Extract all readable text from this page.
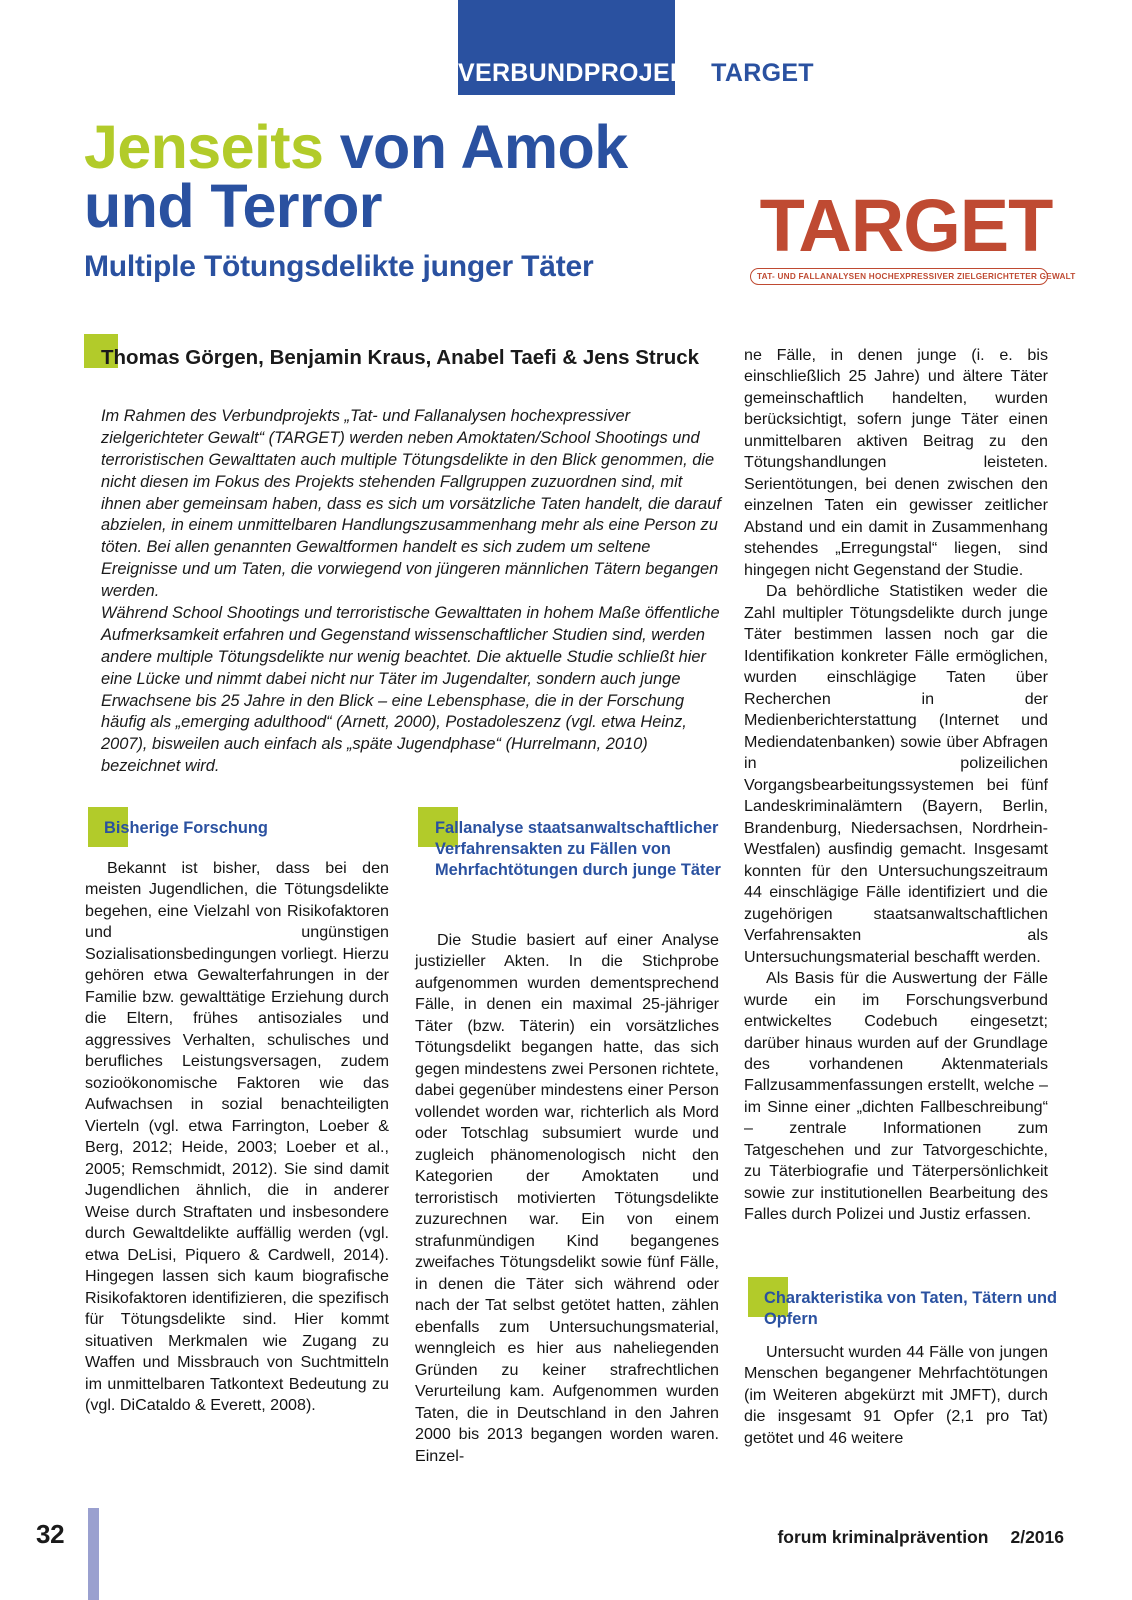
VERBUNDPROJEKT TARGET
Jenseits von Amok
und Terror
Multiple Tötungsdelikte junger Täter	TARGET
TAT- UND FALLANALYSEN HOCHEXPRESSIVER ZIELGERICHTETER GEWALT
Thomas Görgen, Benjamin Kraus, Anabel Taefi & Jens Struck

Im Rahmen des Verbundprojekts „Tat- und Fallanalysen hochexpressiver zielgerichteter Gewalt“ (TARGET) werden neben Amoktaten/School Shootings und terroristischen Gewalttaten auch multiple Tötungsdelikte in den Blick genommen, die nicht diesen im Fokus des Projekts stehenden Fallgruppen zuzuordnen sind, mit ihnen aber gemeinsam haben, dass es sich um vorsätzliche Taten handelt, die darauf abzielen, in einem unmittelbaren Handlungszusammenhang mehr als eine Person zu töten. Bei allen genannten Gewaltformen handelt es sich zudem um seltene Ereignisse und um Taten, die vorwiegend von jüngeren männlichen Tätern begangen werden.

Während School Shootings und terroristische Gewalttaten in hohem Maße öffentliche Aufmerksamkeit erfahren und Gegenstand wissenschaftlicher Studien sind, werden andere multiple Tötungsdelikte nur wenig beachtet. Die aktuelle Studie schließt hier eine Lücke und nimmt dabei nicht nur Täter im Jugendalter, sondern auch junge Erwachsene bis 25 Jahre in den Blick – eine Lebensphase, die in der Forschung häufig als „emerging adulthood“ (Arnett, 2000), Postadoleszenz (vgl. etwa Heinz, 2007), bisweilen auch einfach als „späte Jugendphase“ (Hurrelmann, 2010) bezeichnet wird.

Bisherige Forschung

Bekannt ist bisher, dass bei den meisten Jugendlichen, die Tötungsdelikte begehen, eine Vielzahl von Risikofaktoren und ungünstigen Sozialisationsbedingungen vorliegt. Hierzu gehören etwa Gewalterfahrungen in der Familie bzw. gewalttätige Erziehung durch die Eltern, frühes antisoziales und aggressives Verhalten, schulisches und berufliches Leistungsversagen, zudem sozioökonomische Faktoren wie das Aufwachsen in sozial benachteiligten Vierteln (vgl. etwa Farrington, Loeber & Berg, 2012; Heide, 2003; Loeber et al., 2005; Remschmidt, 2012). Sie sind damit Jugendlichen ähnlich, die in anderer Weise durch Straftaten und insbesondere durch Gewaltdelikte auffällig werden (vgl. etwa DeLisi, Piquero & Cardwell, 2014). Hingegen lassen sich kaum biografische Risikofaktoren identifizieren, die spezifisch für Tötungsdelikte sind. Hier kommt situativen Merkmalen wie Zugang zu Waffen und Missbrauch von Suchtmitteln im unmittelbaren Tatkontext Bedeutung zu (vgl. DiCataldo & Everett, 2008).

Fallanalyse staatsanwaltschaftlicher Verfahrensakten zu Fällen von Mehrfachtötungen durch junge Täter

Die Studie basiert auf einer Analyse justizieller Akten. In die Stichprobe aufgenommen wurden dementsprechend Fälle, in denen ein maximal 25-jähriger Täter (bzw. Täterin) ein vorsätzliches Tötungsdelikt begangen hatte, das sich gegen mindestens zwei Personen richtete, dabei gegenüber mindestens einer Person vollendet worden war, richterlich als Mord oder Totschlag subsumiert wurde und zugleich phänomenologisch nicht den Kategorien der Amoktaten und terroristisch motivierten Tötungsdelikte zuzurechnen war. Ein von einem strafunmündigen Kind begangenes zweifaches Tötungsdelikt sowie fünf Fälle, in denen die Täter sich während oder nach der Tat selbst getötet hatten, zählen ebenfalls zum Untersuchungsmaterial, wenngleich es hier aus naheliegenden Gründen zu keiner strafrechtlichen Verurteilung kam. Aufgenommen wurden Taten, die in Deutschland in den Jahren 2000 bis 2013 begangen worden waren. Einzel-

ne Fälle, in denen junge (i. e. bis einschließlich 25 Jahre) und ältere Täter gemeinschaftlich handelten, wurden berücksichtigt, sofern junge Täter einen unmittelbaren aktiven Beitrag zu den Tötungshandlungen leisteten. Serientötungen, bei denen zwischen den einzelnen Taten ein gewisser zeitlicher Abstand und ein damit in Zusammenhang stehendes „Erregungstal“ liegen, sind hingegen nicht Gegenstand der Studie.

Da behördliche Statistiken weder die Zahl multipler Tötungsdelikte durch junge Täter bestimmen lassen noch gar die Identifikation konkreter Fälle ermöglichen, wurden einschlägige Taten über Recherchen in der Medienberichterstattung (Internet und Mediendatenbanken) sowie über Abfragen in polizeilichen Vorgangsbearbeitungssystemen bei fünf Landeskriminalämtern (Bayern, Berlin, Brandenburg, Niedersachsen, Nordrhein-Westfalen) ausfindig gemacht. Insgesamt konnten für den Untersuchungszeitraum 44 einschlägige Fälle identifiziert und die zugehörigen staatsanwaltschaftlichen Verfahrensakten als Untersuchungsmaterial beschafft werden.

Als Basis für die Auswertung der Fälle wurde ein im Forschungsverbund entwickeltes Codebuch eingesetzt; darüber hinaus wurden auf der Grundlage des vorhandenen Aktenmaterials Fallzusammenfassungen erstellt, welche – im Sinne einer „dichten Fallbeschreibung“ – zentrale Informationen zum Tatgeschehen und zur Tatvorgeschichte, zu Täterbiografie und Täterpersönlichkeit sowie zur institutionellen Bearbeitung des Falles durch Polizei und Justiz erfassen.

Charakteristika von Taten, Tätern und Opfern

Untersucht wurden 44 Fälle von jungen Menschen begangener Mehrfachtötungen (im Weiteren abgekürzt mit JMFT), durch die insgesamt 91 Opfer (2,1 pro Tat) getötet und 46 weitere

32	forum kriminalprävention 2/2016
